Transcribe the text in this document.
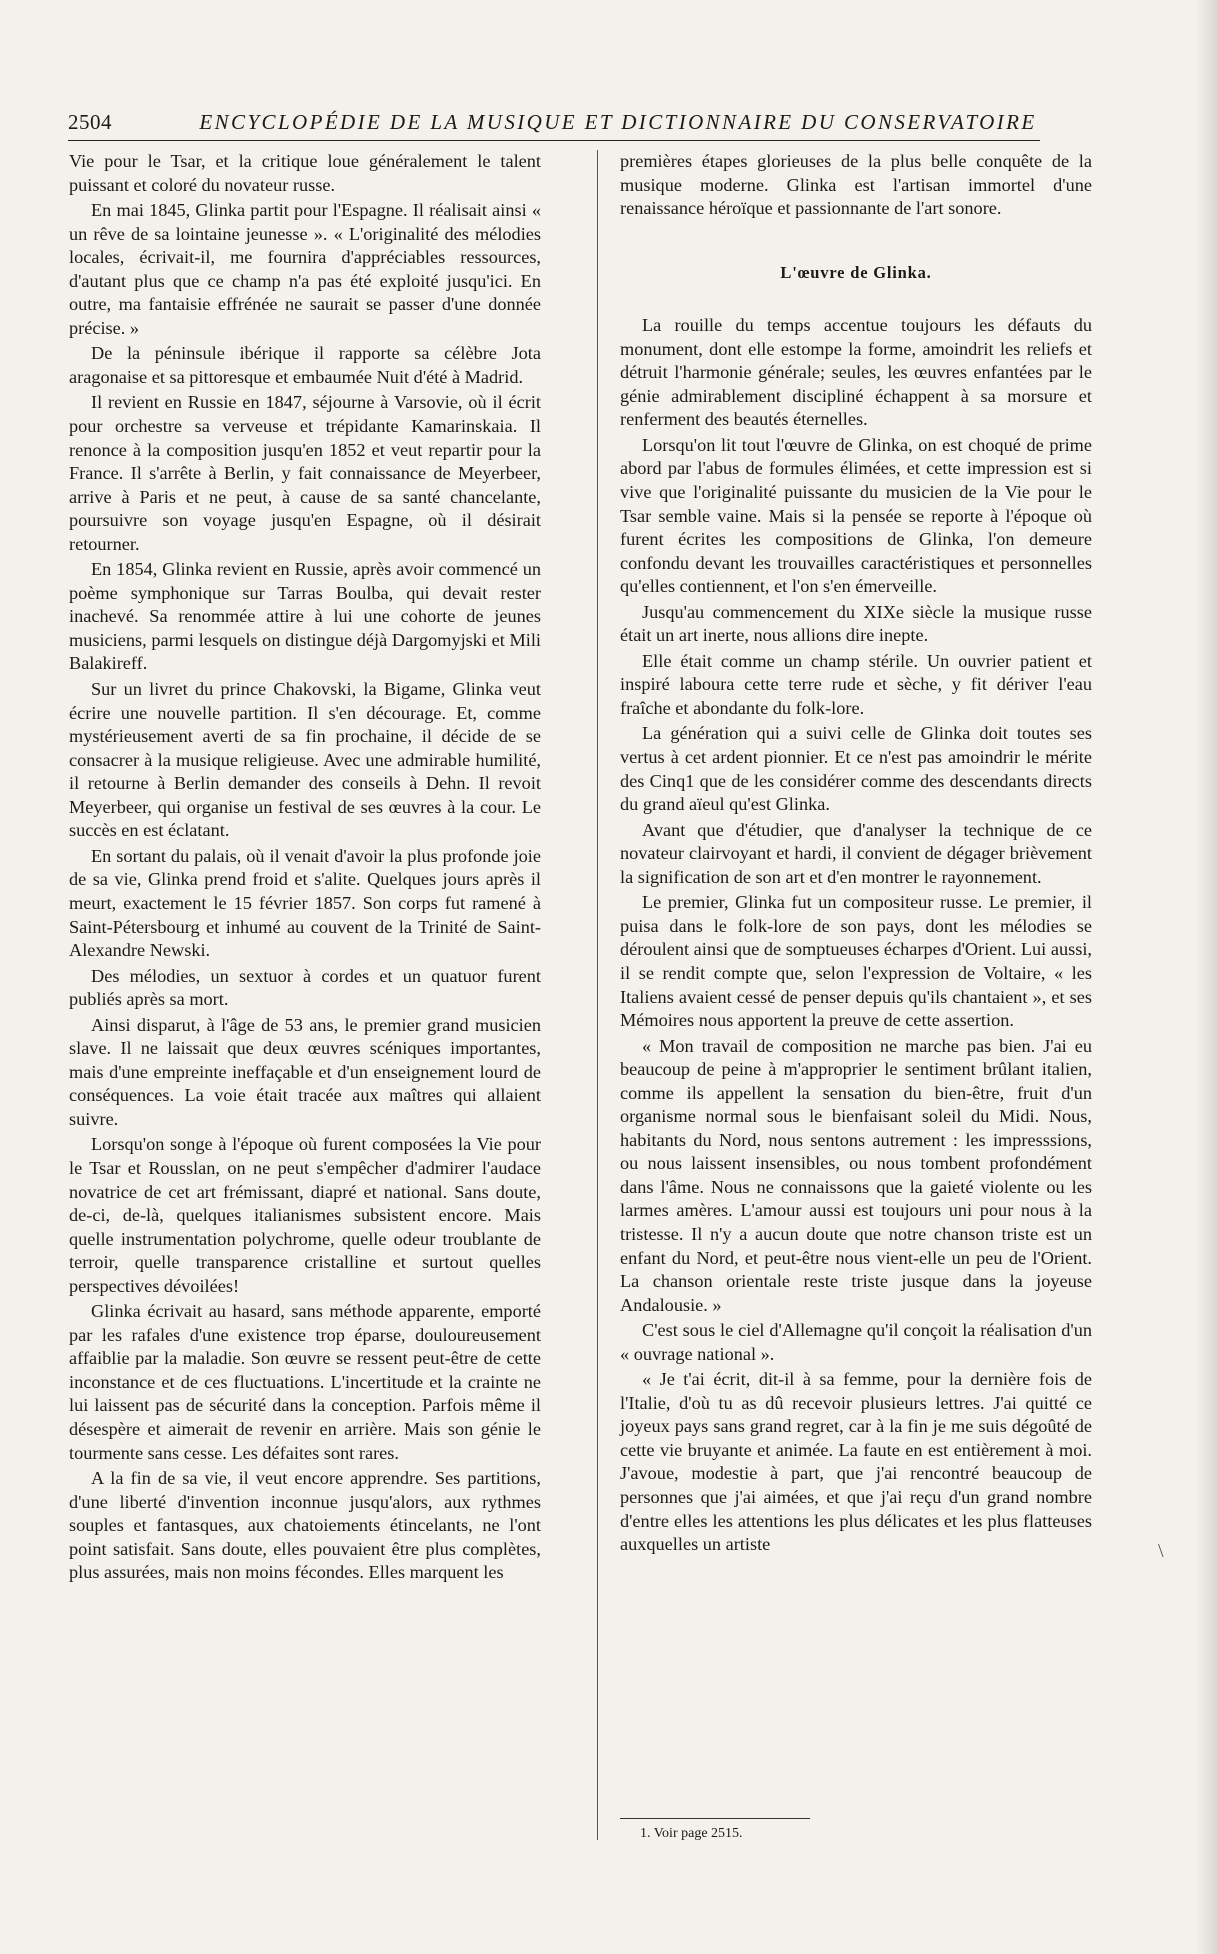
2504	ENCYCLOPÉDIE DE LA MUSIQUE ET DICTIONNAIRE DU CONSERVATOIRE

Vie pour le Tsar, et la critique loue généralement le talent puissant et coloré du novateur russe.

En mai 1845, Glinka partit pour l'Espagne. Il réalisait ainsi « un rêve de sa lointaine jeunesse ». « L'originalité des mélodies locales, écrivait-il, me fournira d'appréciables ressources, d'autant plus que ce champ n'a pas été exploité jusqu'ici. En outre, ma fantaisie effrénée ne saurait se passer d'une donnée précise. »

De la péninsule ibérique il rapporte sa célèbre Jota aragonaise et sa pittoresque et embaumée Nuit d'été à Madrid.

Il revient en Russie en 1847, séjourne à Varsovie, où il écrit pour orchestre sa verveuse et trépidante Kamarinskaia. Il renonce à la composition jusqu'en 1852 et veut repartir pour la France. Il s'arrête à Berlin, y fait connaissance de Meyerbeer, arrive à Paris et ne peut, à cause de sa santé chancelante, poursuivre son voyage jusqu'en Espagne, où il désirait retourner.

En 1854, Glinka revient en Russie, après avoir commencé un poème symphonique sur Tarras Boulba, qui devait rester inachevé. Sa renommée attire à lui une cohorte de jeunes musiciens, parmi lesquels on distingue déjà Dargomyjski et Mili Balakireff.

Sur un livret du prince Chakovski, la Bigame, Glinka veut écrire une nouvelle partition. Il s'en décourage. Et, comme mystérieusement averti de sa fin prochaine, il décide de se consacrer à la musique religieuse. Avec une admirable humilité, il retourne à Berlin demander des conseils à Dehn. Il revoit Meyerbeer, qui organise un festival de ses œuvres à la cour. Le succès en est éclatant.

En sortant du palais, où il venait d'avoir la plus profonde joie de sa vie, Glinka prend froid et s'alite. Quelques jours après il meurt, exactement le 15 février 1857. Son corps fut ramené à Saint-Pétersbourg et inhumé au couvent de la Trinité de Saint-Alexandre Newski.

Des mélodies, un sextuor à cordes et un quatuor furent publiés après sa mort.

Ainsi disparut, à l'âge de 53 ans, le premier grand musicien slave. Il ne laissait que deux œuvres scéniques importantes, mais d'une empreinte ineffaçable et d'un enseignement lourd de conséquences. La voie était tracée aux maîtres qui allaient suivre.

Lorsqu'on songe à l'époque où furent composées la Vie pour le Tsar et Rousslan, on ne peut s'empêcher d'admirer l'audace novatrice de cet art frémissant, diapré et national. Sans doute, de-ci, de-là, quelques italianismes subsistent encore. Mais quelle instrumentation polychrome, quelle odeur troublante de terroir, quelle transparence cristalline et surtout quelles perspectives dévoilées!

Glinka écrivait au hasard, sans méthode apparente, emporté par les rafales d'une existence trop éparse, douloureusement affaiblie par la maladie. Son œuvre se ressent peut-être de cette inconstance et de ces fluctuations. L'incertitude et la crainte ne lui laissent pas de sécurité dans la conception. Parfois même il désespère et aimerait de revenir en arrière. Mais son génie le tourmente sans cesse. Les défaites sont rares.

A la fin de sa vie, il veut encore apprendre. Ses partitions, d'une liberté d'invention inconnue jusqu'alors, aux rythmes souples et fantasques, aux chatoiements étincelants, ne l'ont point satisfait. Sans doute, elles pouvaient être plus complètes, plus assurées, mais non moins fécondes. Elles marquent les

premières étapes glorieuses de la plus belle conquête de la musique moderne. Glinka est l'artisan immortel d'une renaissance héroïque et passionnante de l'art sonore.

L'œuvre de Glinka.

La rouille du temps accentue toujours les défauts du monument, dont elle estompe la forme, amoindrit les reliefs et détruit l'harmonie générale; seules, les œuvres enfantées par le génie admirablement discipliné échappent à sa morsure et renferment des beautés éternelles.

Lorsqu'on lit tout l'œuvre de Glinka, on est choqué de prime abord par l'abus de formules élimées, et cette impression est si vive que l'originalité puissante du musicien de la Vie pour le Tsar semble vaine. Mais si la pensée se reporte à l'époque où furent écrites les compositions de Glinka, l'on demeure confondu devant les trouvailles caractéristiques et personnelles qu'elles contiennent, et l'on s'en émerveille.

Jusqu'au commencement du XIXe siècle la musique russe était un art inerte, nous allions dire inepte.

Elle était comme un champ stérile. Un ouvrier patient et inspiré laboura cette terre rude et sèche, y fit dériver l'eau fraîche et abondante du folk-lore.

La génération qui a suivi celle de Glinka doit toutes ses vertus à cet ardent pionnier. Et ce n'est pas amoindrir le mérite des Cinq1 que de les considérer comme des descendants directs du grand aïeul qu'est Glinka.

Avant que d'étudier, que d'analyser la technique de ce novateur clairvoyant et hardi, il convient de dégager brièvement la signification de son art et d'en montrer le rayonnement.

Le premier, Glinka fut un compositeur russe. Le premier, il puisa dans le folk-lore de son pays, dont les mélodies se déroulent ainsi que de somptueuses écharpes d'Orient. Lui aussi, il se rendit compte que, selon l'expression de Voltaire, « les Italiens avaient cessé de penser depuis qu'ils chantaient », et ses Mémoires nous apportent la preuve de cette assertion.

« Mon travail de composition ne marche pas bien. J'ai eu beaucoup de peine à m'approprier le sentiment brûlant italien, comme ils appellent la sensation du bien-être, fruit d'un organisme normal sous le bienfaisant soleil du Midi. Nous, habitants du Nord, nous sentons autrement : les impresssions, ou nous laissent insensibles, ou nous tombent profondément dans l'âme. Nous ne connaissons que la gaieté violente ou les larmes amères. L'amour aussi est toujours uni pour nous à la tristesse. Il n'y a aucun doute que notre chanson triste est un enfant du Nord, et peut-être nous vient-elle un peu de l'Orient. La chanson orientale reste triste jusque dans la joyeuse Andalousie. »

C'est sous le ciel d'Allemagne qu'il conçoit la réalisation d'un « ouvrage national ».

« Je t'ai écrit, dit-il à sa femme, pour la dernière fois de l'Italie, d'où tu as dû recevoir plusieurs lettres. J'ai quitté ce joyeux pays sans grand regret, car à la fin je me suis dégoûté de cette vie bruyante et animée. La faute en est entièrement à moi. J'avoue, modestie à part, que j'ai rencontré beaucoup de personnes que j'ai aimées, et que j'ai reçu d'un grand nombre d'entre elles les attentions les plus délicates et les plus flatteuses auxquelles un artiste

1. Voir page 2515.
\
